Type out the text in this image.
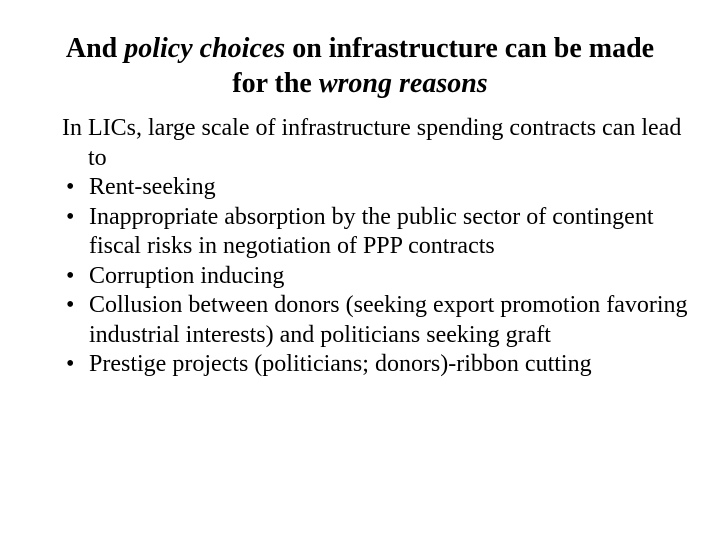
And policy choices on infrastructure can be made
for the wrong reasons

In LICs, large scale of infrastructure spending contracts can lead to

• Rent-seeking
• Inappropriate absorption by the public sector of contingent fiscal risks in negotiation of PPP contracts
• Corruption inducing
• Collusion between donors (seeking export promotion favoring industrial interests) and politicians seeking graft
• Prestige projects (politicians; donors)-ribbon cutting
